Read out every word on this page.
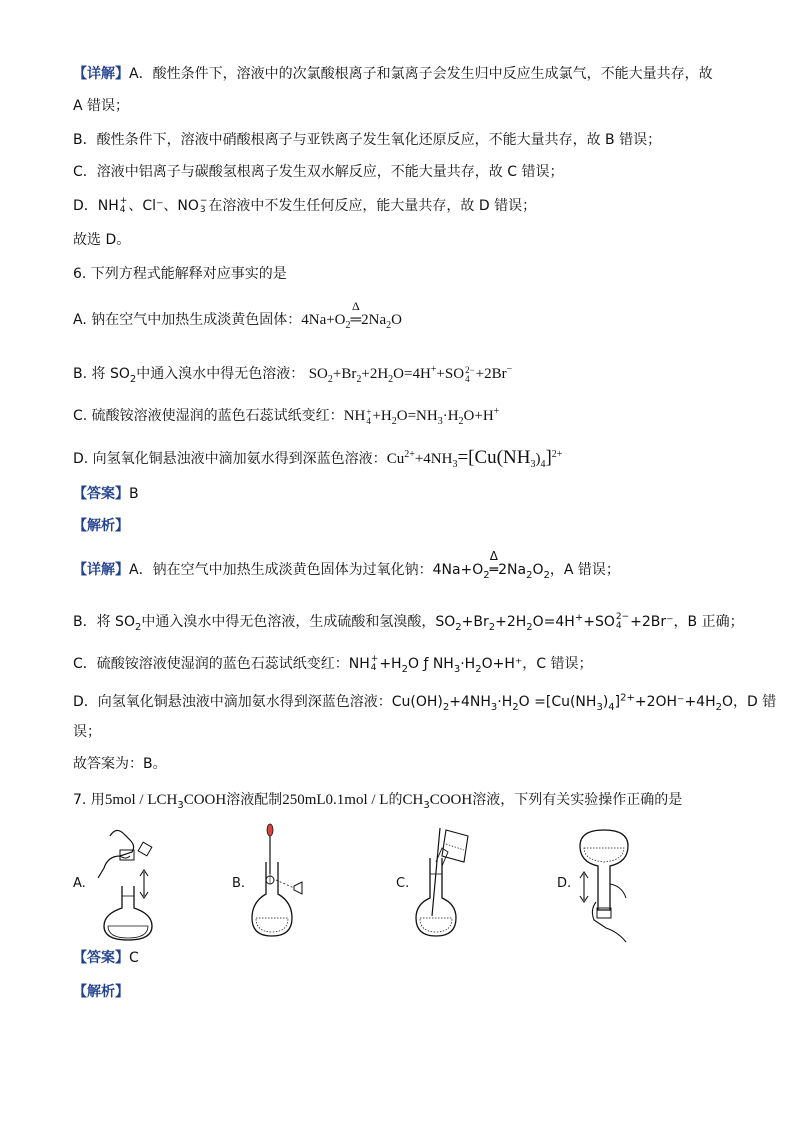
【详解】A．酸性条件下，溶液中的次氯酸根离子和氯离子会发生归中反应生成氯气，不能大量共存，故
A 错误；
B．酸性条件下，溶液中硝酸根离子与亚铁离子发生氧化还原反应，不能大量共存，故 B 错误；
C．溶液中铝离子与碳酸氢根离子发生双水解反应，不能大量共存，故 C 错误；
D．NH +
4 、Cl⁻、NO −
3 在溶液中不发生任何反应，能大量共存，故 D 错误；
故选 D。
6. 下列方程式能解释对应事实的是
A. 钠在空气中加热生成淡黄色固体：$4Na+O_2$
Δ
$═2Na_2O$
B. 将 $SO_2$中通入溴水中得无色溶液： $SO_2+Br_2+2H_2O=4H^++SO$ 2−
4 +2Br−
C. 硫酸铵溶液使湿润的蓝色石蕊试纸变红：NH +
$4 +H_2O=NH_3\cdot H_2O+H^+$
D. 向氢氧化铜悬浊液中滴加氨水得到深蓝色溶液：$Cu^{2+}+4NH_3=[Cu(NH_3)_4]^{2+}$
【答案】B
【解析】
【详解】A．钠在空气中加热生成淡黄色固体为过氧化钠：$4Na+O_2$
Δ
$═2Na_2O_2$，A 错误；
B．将 $SO_2$中通入溴水中得无色溶液，生成硫酸和氢溴酸，$SO_2+Br_2+2H_2O=4H^++SO$ 2−
4 +2Br⁻，B 正确；
C．硫酸铵溶液使湿润的蓝色石蕊试纸变红：NH +
$4 +H_2O$ ƒ $NH_3\cdot H_2O+H^+$，C 错误；
D．向氢氧化铜悬浊液中滴加氨水得到深蓝色溶液：$Cu(OH)_2+4NH_3\cdot H_2O =[Cu(NH_3)_4]^{2+}+2OH^-+4H_2O$，D 错
误；
故答案为：B。
7. 用$5mol / LCH_3COOH$溶液配制250mL0.1mol / L的$CH_3COOH$溶液，下列有关实验操作正确的是
A.	B.	C.	D.
【答案】C
【解析】
